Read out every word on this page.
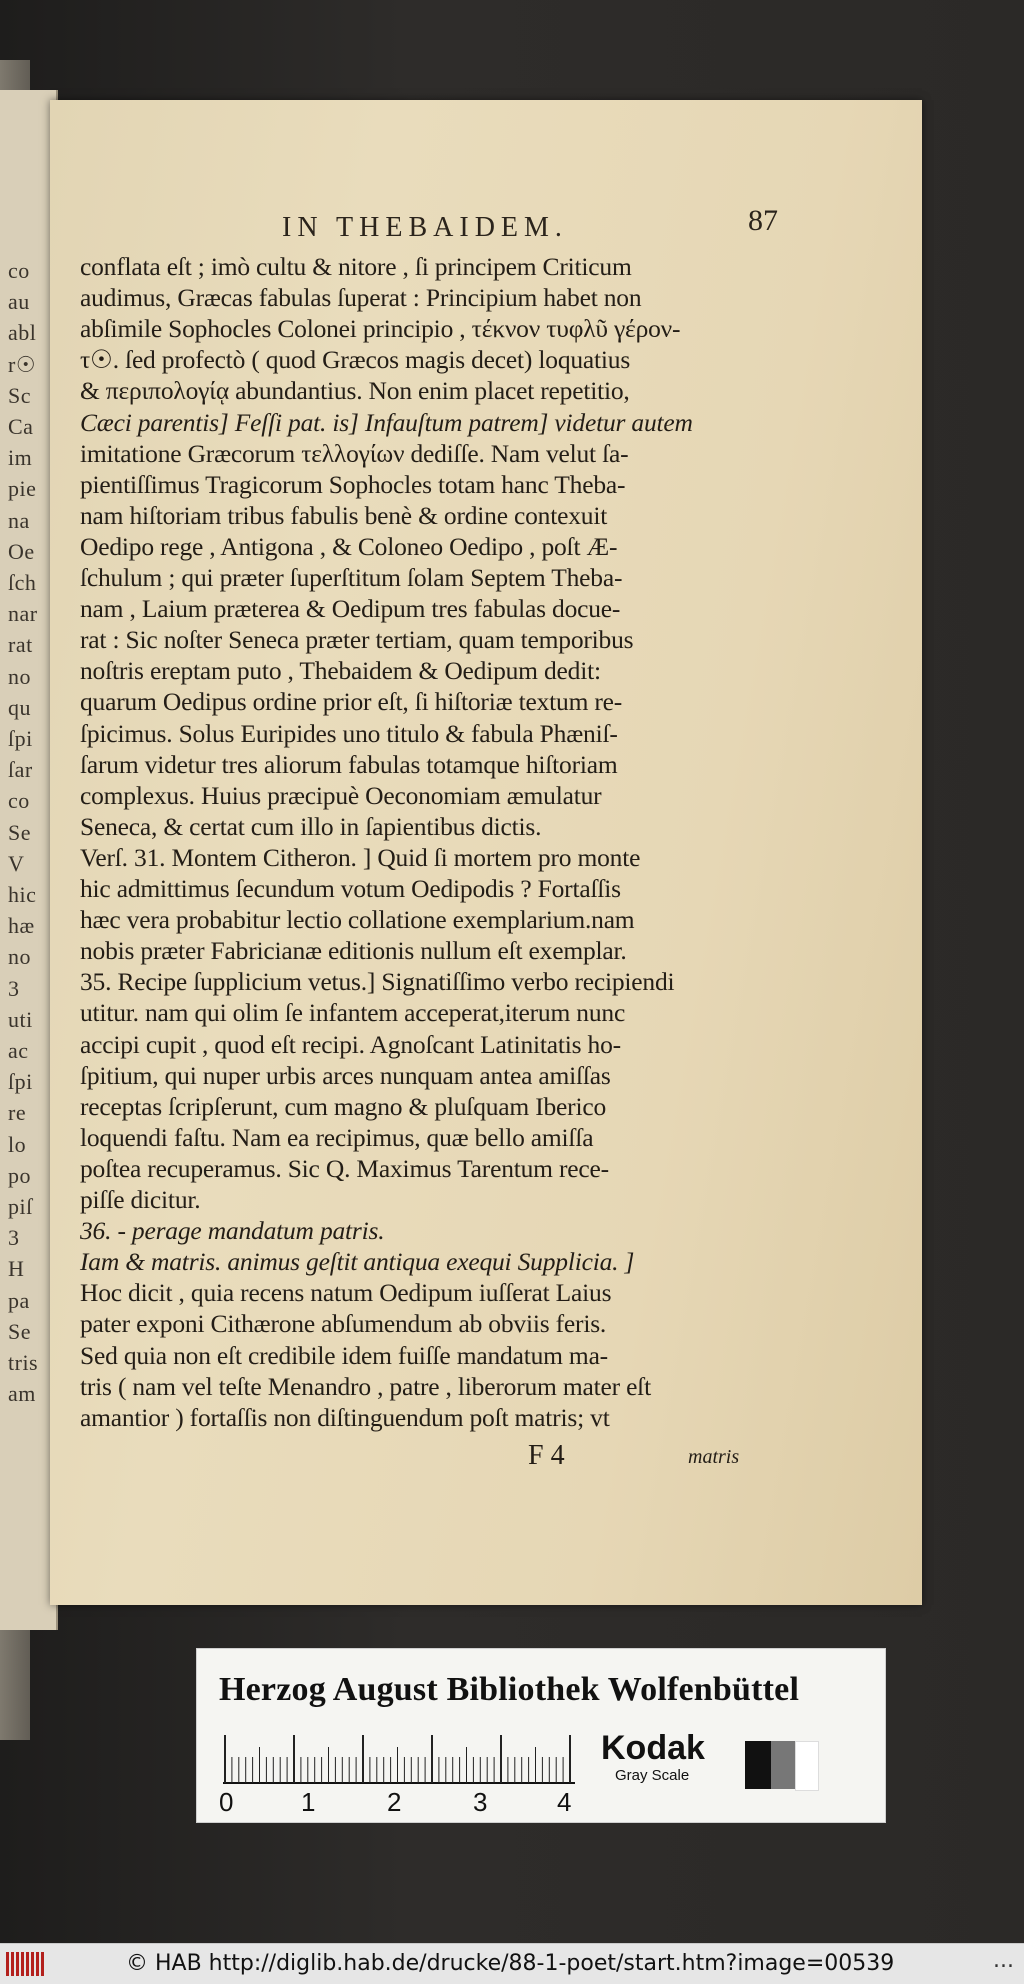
co
au
abl
r☉
Sc
Ca
im
pie
na
Oe
ſch
nar
rat
no
qu
ſpi
ſar
co
Se
V
hic
hæ
no
3
uti
ac
ſpi
re
lo
po
piſ
3
H
pa
Se
tris
am
IN THEBAIDEM.	87
conflata eſt ; imò cultu & nitore , ſi principem Criticum
audimus, Græcas fabulas ſuperat : Principium habet non
abſimile Sophocles Colonei principio , τέκνον τυφλῦ γέρον-
τ☉. ſed profectò ( quod Græcos magis decet) loquatius
& περιπολογίᾳ abundantius. Non enim placet repetitio,
Cæci parentis] Feſſi pat. is] Infauſtum patrem] videtur autem
imitatione Græcorum τελλογίων dediſſe. Nam velut ſa-
pientiſſimus Tragicorum Sophocles totam hanc Theba-
nam hiſtoriam tribus fabulis benè & ordine contexuit
Oedipo rege , Antigona , & Coloneo Oedipo , poſt Æ-
ſchulum ; qui præter ſuperſtitum ſolam Septem Theba-
nam , Laium præterea & Oedipum tres fabulas docue-
rat : Sic noſter Seneca præter tertiam, quam temporibus
noſtris ereptam puto , Thebaidem & Oedipum dedit:
quarum Oedipus ordine prior eſt, ſi hiſtoriæ textum re-
ſpicimus. Solus Euripides uno titulo & fabula Phæniſ-
ſarum videtur tres aliorum fabulas totamque hiſtoriam
complexus. Huius præcipuè Oeconomiam æmulatur
Seneca, & certat cum illo in ſapientibus dictis.
Verſ. 31. Montem Citheron. ] Quid ſi mortem pro monte
hic admittimus ſecundum votum Oedipodis ? Fortaſſis
hæc vera probabitur lectio collatione exemplarium.nam
nobis præter Fabricianæ editionis nullum eſt exemplar.
35. Recipe ſupplicium vetus.] Signatiſſimo verbo recipiendi
utitur. nam qui olim ſe infantem acceperat,iterum nunc
accipi cupit , quod eſt recipi. Agnoſcant Latinitatis ho-
ſpitium, qui nuper urbis arces nunquam antea amiſſas
receptas ſcripſerunt, cum magno & pluſquam Iberico
loquendi faſtu. Nam ea recipimus, quæ bello amiſſa
poſtea recuperamus. Sic Q. Maximus Tarentum rece-
piſſe dicitur.
36. - perage mandatum patris.
Iam & matris. animus geſtit antiqua exequi Supplicia. ]
Hoc dicit , quia recens natum Oedipum iuſſerat Laius
pater exponi Cithærone abſumendum ab obviis feris.
Sed quia non eſt credibile idem fuiſſe mandatum ma-
tris ( nam vel teſte Menandro , patre , liberorum mater eſt
amantior ) fortaſſis non diſtinguendum poſt matris; vt
F 4	matris
Herzog August Bibliothek Wolfenbüttel
0	1	2	3	4
Kodak
Gray Scale
© HAB http://diglib.hab.de/drucke/88-1-poet/start.htm?image=00539	...
